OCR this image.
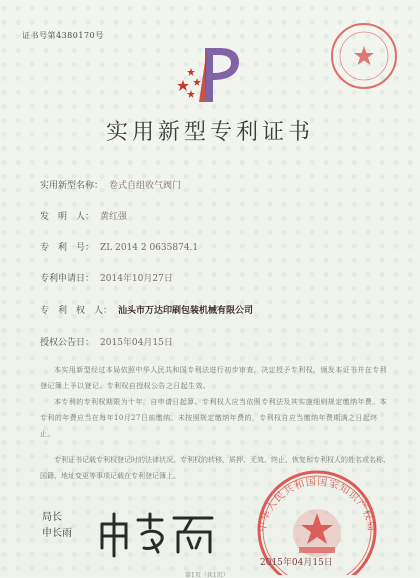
证书号第4380170号
实用新型专利证书
实用新型名称： 卷式自组收气阀门
发　明　人： 黄红强
专　利　号： ZL 2014 2 0635874.1
专利申请日： 2014年10月27日
专　利　权　人： 汕头市万达印刷包装机械有限公司
授权公告日： 2015年04月15日

本实用新型经过本局依照中华人民共和国专利法进行初步审查，决定授予专利权，颁发本证书并在专利登记簿上予以登记。专利权自授权公告之日起生效。

本专利的专利权期限为十年，自申请日起算。专利权人应当依照专利法及其实施细则规定缴纳年费。本专利的年费应当在每年10月27日前缴纳。未按照规定缴纳年费的，专利权自应当缴纳年费期满之日起终止。

专利证书记载专利权登记时的法律状况。专利权的转移、质押、无效、终止、恢复和专利权人的姓名或名称、国籍、地址变更等事项记载在专利登记簿上。

局长
申长雨
中华人民共和国国家知识产权局
2015年04月15日
第1页（共1页）
